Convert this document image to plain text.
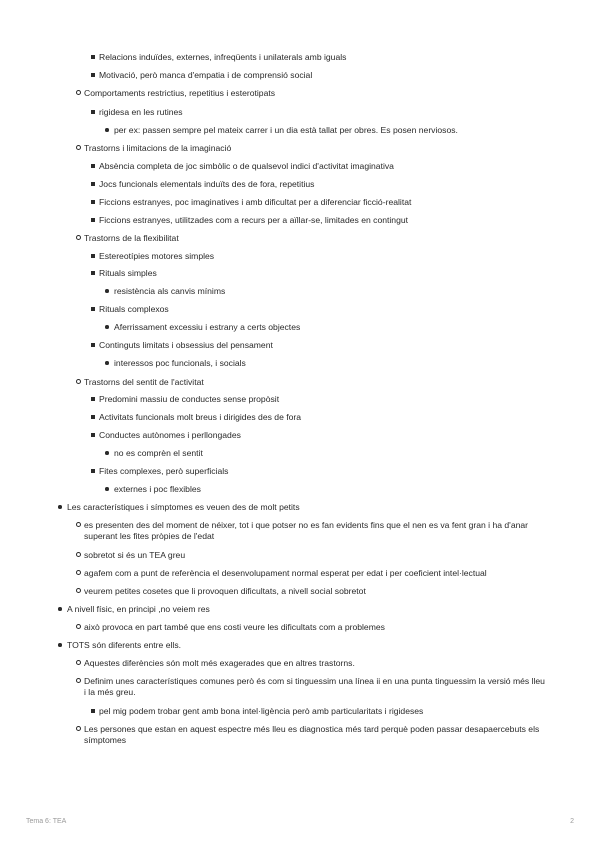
Relacions induïdes, externes, infreqüents i unilaterals amb iguals
Motivació, però manca d'empatia i de comprensió social
Comportaments restrictius, repetitius i esterotipats
rigidesa en les rutines
per ex: passen sempre pel mateix carrer i un dia està tallat per obres. Es posen nerviosos.
Trastorns i limitacions de la imaginació
Absència completa de joc simbòlic o de qualsevol indici d'activitat imaginativa
Jocs funcionals elementals induïts des de fora, repetitius
Ficcions estranyes, poc imaginatives i amb dificultat per a diferenciar ficció-realitat
Ficcions estranyes, utilitzades com a recurs per a aïllar-se, limitades en contingut
Trastorns de la flexibilitat
Estereotípies motores simples
Rituals simples
resistència als canvis mínims
Rituals complexos
Aferrissament excessiu i estrany a certs objectes
Continguts limitats i obsessius del pensament
interessos poc funcionals, i socials
Trastorns del sentit de l'activitat
Predomini massiu de conductes sense propòsit
Activitats funcionals molt breus i dirigides des de fora
Conductes autònomes i perllongades
no es comprèn el sentit
Fites complexes, però superficials
externes i poc flexibles
Les característiques i símptomes es veuen des de molt petits
es presenten des del moment de néixer, tot i que potser no es fan evidents fins que el nen es va fent gran i ha d'anar superant les fites pròpies de l'edat
sobretot si és un TEA greu
agafem com a punt de referència el desenvolupament normal esperat per edat i per coeficient intel·lectual
veurem petites cosetes que li provoquen dificultats, a nivell social sobretot
A nivell físic, en principi ,no veiem res
això provoca en part també que ens costi veure les dificultats com a problemes
TOTS són diferents entre ells.
Aquestes diferències són molt més exagerades que en altres trastorns.
Definim unes característiques comunes però és com si tinguessim una línea ii en una punta tinguessim la versió més lleu i la més greu.
pel mig podem trobar gent amb bona intel·ligència però amb particularitats i rigideses
Les persones que estan en aquest espectre més lleu es diagnostica més tard perquè poden passar desapaercebuts els símptomes
Tema 6: TEA	2
